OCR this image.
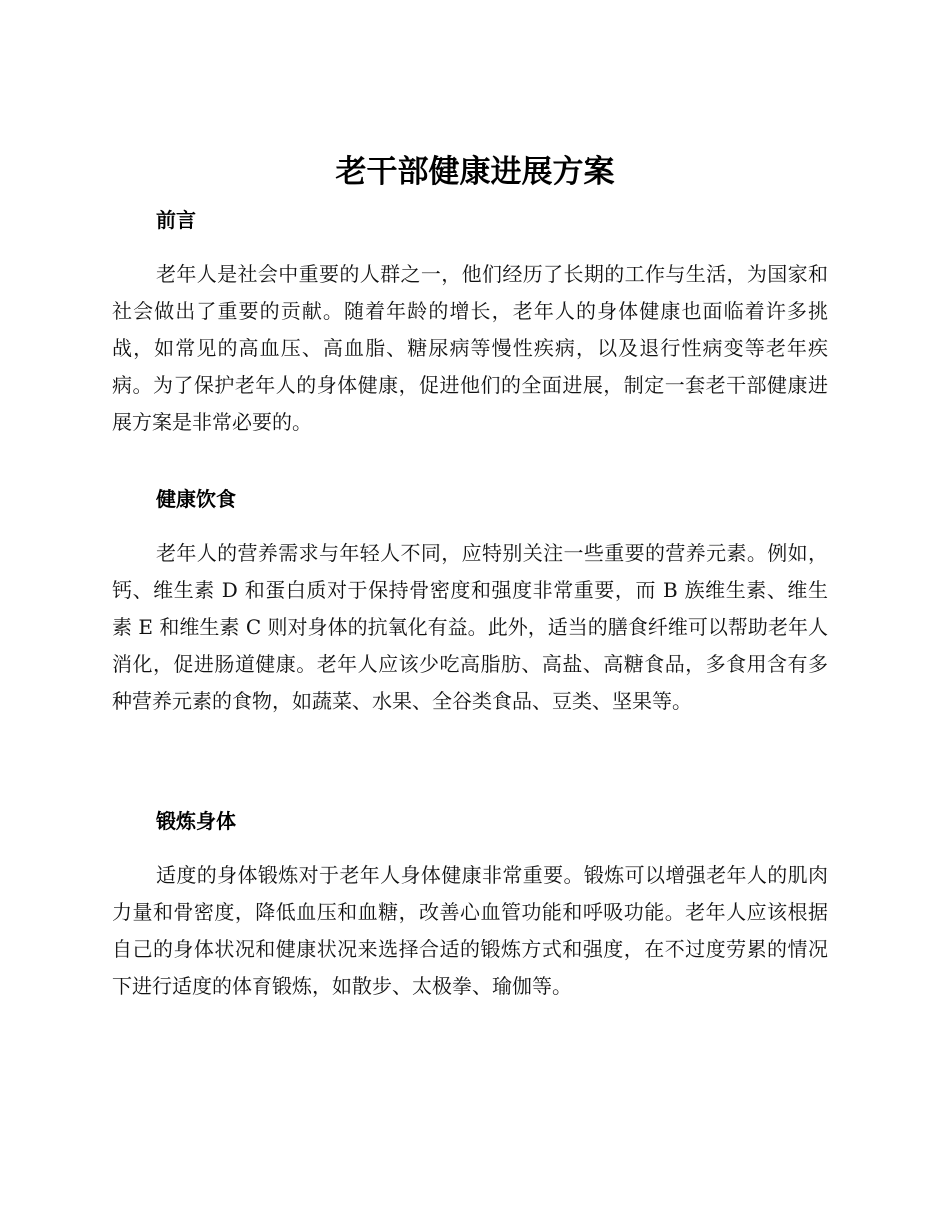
老干部健康进展方案
前言

老年人是社会中重要的人群之一，他们经历了长期的工作与生活，为国家和社会做出了重要的贡献。随着年龄的增长，老年人的身体健康也面临着许多挑战，如常见的高血压、高血脂、糖尿病等慢性疾病，以及退行性病变等老年疾病。为了保护老年人的身体健康，促进他们的全面进展，制定一套老干部健康进展方案是非常必要的。

健康饮食

老年人的营养需求与年轻人不同，应特别关注一些重要的营养元素。例如，钙、维生素 D 和蛋白质对于保持骨密度和强度非常重要，而 B 族维生素、维生素 E 和维生素 C 则对身体的抗氧化有益。此外，适当的膳食纤维可以帮助老年人消化，促进肠道健康。老年人应该少吃高脂肪、高盐、高糖食品，多食用含有多种营养元素的食物，如蔬菜、水果、全谷类食品、豆类、坚果等。

锻炼身体

适度的身体锻炼对于老年人身体健康非常重要。锻炼可以增强老年人的肌肉力量和骨密度，降低血压和血糖，改善心血管功能和呼吸功能。老年人应该根据自己的身体状况和健康状况来选择合适的锻炼方式和强度，在不过度劳累的情况下进行适度的体育锻炼，如散步、太极拳、瑜伽等。
